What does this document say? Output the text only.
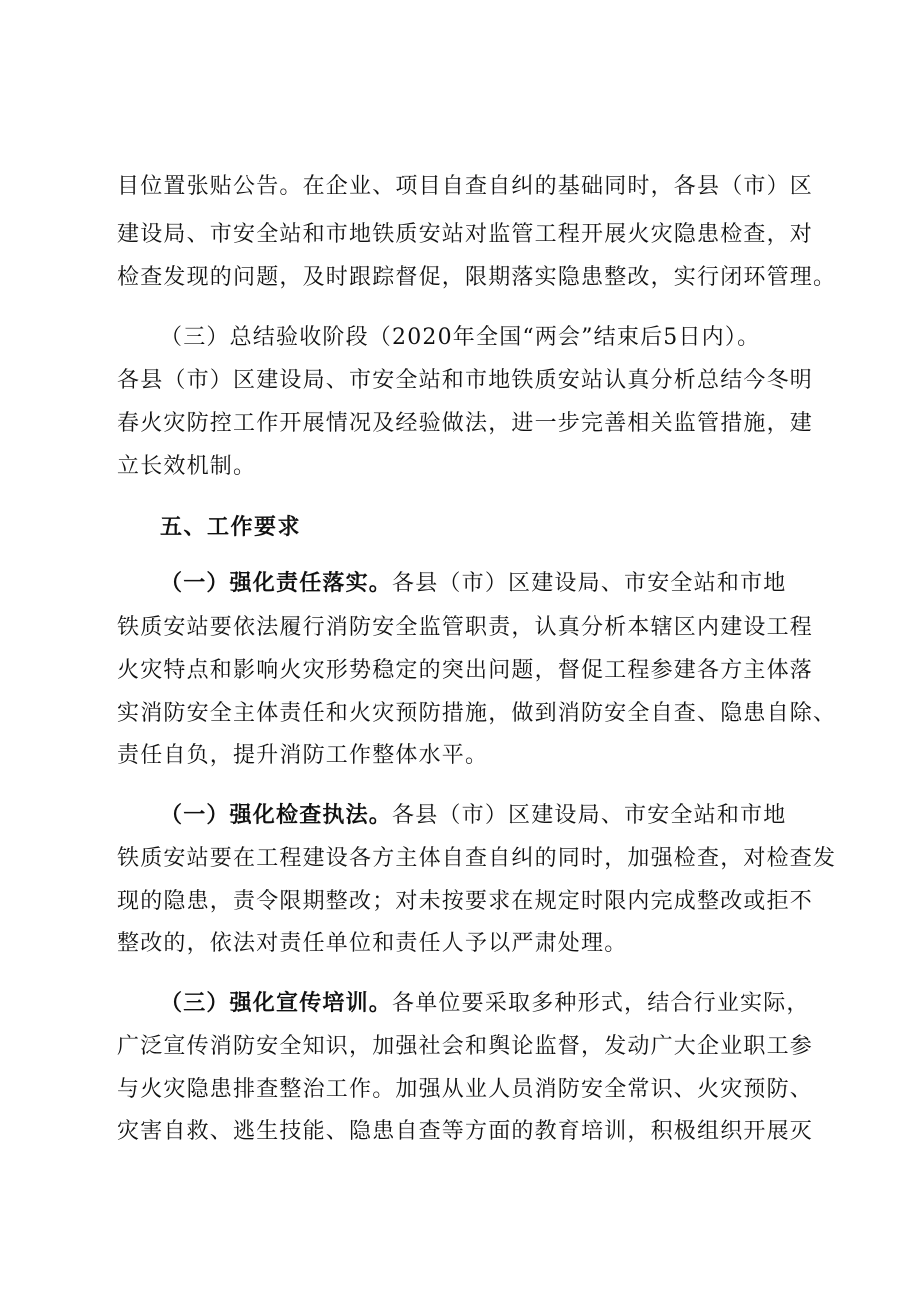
目位置张贴公告。在企业、项目自查自纠的基础同时，各县（市）区
建设局、市安全站和市地铁质安站对监管工程开展火灾隐患检查，对
检查发现的问题，及时跟踪督促，限期落实隐患整改，实行闭环管理。
（三）总结验收阶段（2020年全国“两会”结束后5日内）。
各县（市）区建设局、市安全站和市地铁质安站认真分析总结今冬明
春火灾防控工作开展情况及经验做法，进一步完善相关监管措施，建
立长效机制。
五、工作要求
（一）强化责任落实。各县（市）区建设局、市安全站和市地
铁质安站要依法履行消防安全监管职责，认真分析本辖区内建设工程
火灾特点和影响火灾形势稳定的突出问题，督促工程参建各方主体落
实消防安全主体责任和火灾预防措施，做到消防安全自查、隐患自除、
责任自负，提升消防工作整体水平。
（一）强化检查执法。各县（市）区建设局、市安全站和市地
铁质安站要在工程建设各方主体自查自纠的同时，加强检查，对检查发
现的隐患，责令限期整改；对未按要求在规定时限内完成整改或拒不
整改的，依法对责任单位和责任人予以严肃处理。
（三）强化宣传培训。各单位要采取多种形式，结合行业实际，
广泛宣传消防安全知识，加强社会和舆论监督，发动广大企业职工参
与火灾隐患排查整治工作。加强从业人员消防安全常识、火灾预防、
灾害自救、逃生技能、隐患自查等方面的教育培训，积极组织开展灭
